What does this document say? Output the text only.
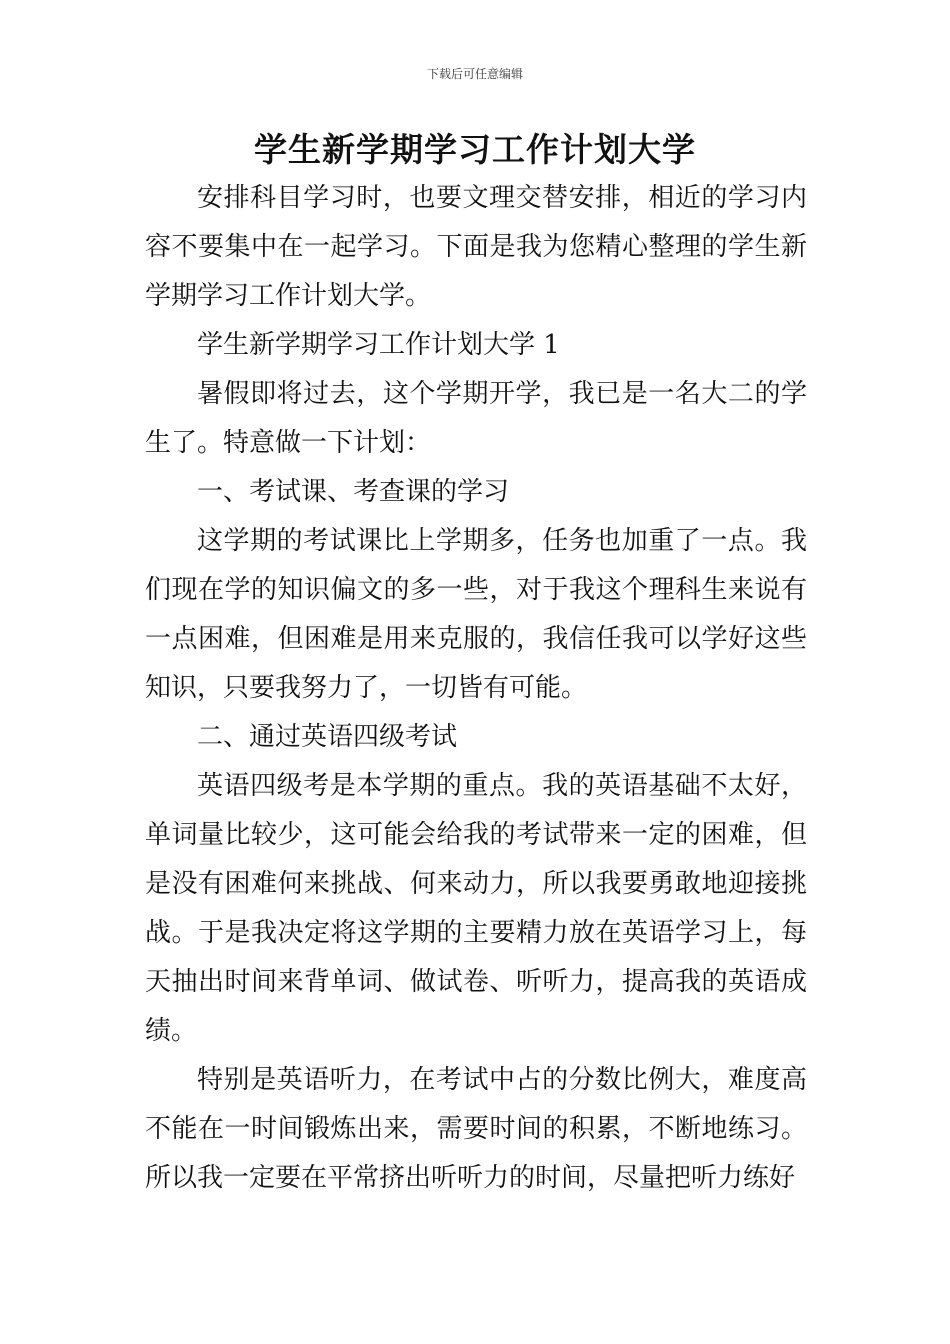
下载后可任意编辑
学生新学期学习工作计划大学

安排科目学习时，也要文理交替安排，相近的学习内容不要集中在一起学习。下面是我为您精心整理的学生新学期学习工作计划大学。

学生新学期学习工作计划大学 1

暑假即将过去，这个学期开学，我已是一名大二的学生了。特意做一下计划：

一、考试课、考查课的学习

这学期的考试课比上学期多，任务也加重了一点。我们现在学的知识偏文的多一些，对于我这个理科生来说有一点困难，但困难是用来克服的，我信任我可以学好这些知识，只要我努力了，一切皆有可能。

二、通过英语四级考试

英语四级考是本学期的重点。我的英语基础不太好，单词量比较少，这可能会给我的考试带来一定的困难，但是没有困难何来挑战、何来动力，所以我要勇敢地迎接挑战。于是我决定将这学期的主要精力放在英语学习上，每天抽出时间来背单词、做试卷、听听力，提高我的英语成绩。

特别是英语听力，在考试中占的分数比例大，难度高不能在一时间锻炼出来，需要时间的积累，不断地练习。所以我一定要在平常挤出听听力的时间，尽量把听力练好
